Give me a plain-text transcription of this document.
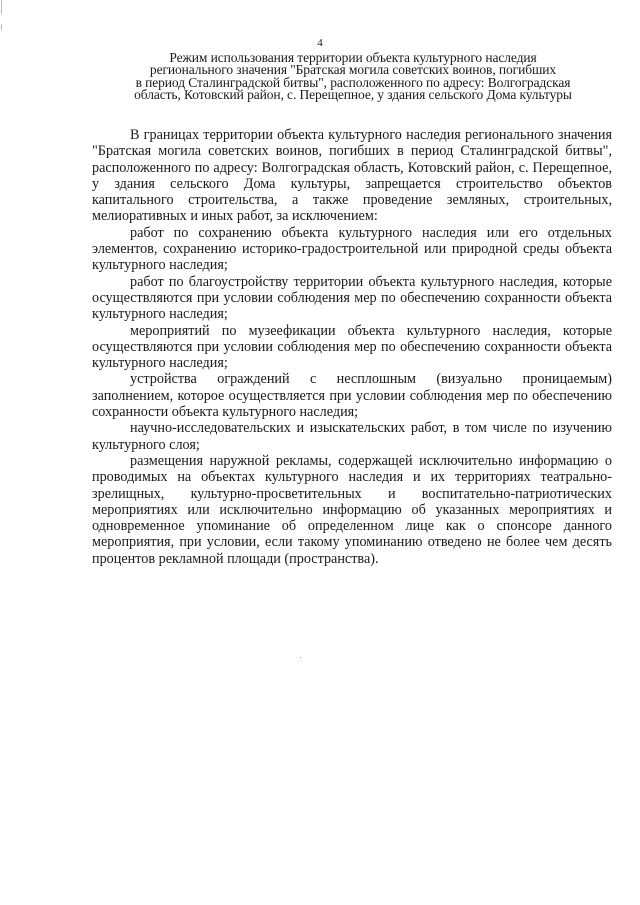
4
Режим использования территории объекта культурного наследия
регионального значения "Братская могила советских воинов, погибших
в период Сталинградской битвы", расположенного по адресу: Волгоградская
область, Котовский район, с. Перещепное, у здания сельского Дома культуры

В границах территории объекта культурного наследия регионального значения "Братская могила советских воинов, погибших в период Сталинградской битвы", расположенного по адресу: Волгоградская область, Котовский район, с. Перещепное, у здания сельского Дома культуры, запрещается строительство объектов капитального строительства, а также проведение земляных, строительных, мелиоративных и иных работ, за исключением:

работ по сохранению объекта культурного наследия или его отдельных элементов, сохранению историко-градостроительной или природной среды объекта культурного наследия;

работ по благоустройству территории объекта культурного наследия, которые осуществляются при условии соблюдения мер по обеспечению сохранности объекта культурного наследия;

мероприятий по музеефикации объекта культурного наследия, которые осуществляются при условии соблюдения мер по обеспечению сохранности объекта культурного наследия;

устройства ограждений с несплошным (визуально проницаемым) заполнением, которое осуществляется при условии соблюдения мер по обеспечению сохранности объекта культурного наследия;

научно-исследовательских и изыскательских работ, в том числе по изучению культурного слоя;

размещения наружной рекламы, содержащей исключительно информацию о проводимых на объектах культурного наследия и их территориях театрально-зрелищных, культурно-просветительных и воспитательно-патриотических мероприятиях или исключительно информацию об указанных мероприятиях и одновременное упоминание об определенном лице как о спонсоре данного мероприятия, при условии, если такому упоминанию отведено не более чем десять процентов рекламной площади (пространства).
